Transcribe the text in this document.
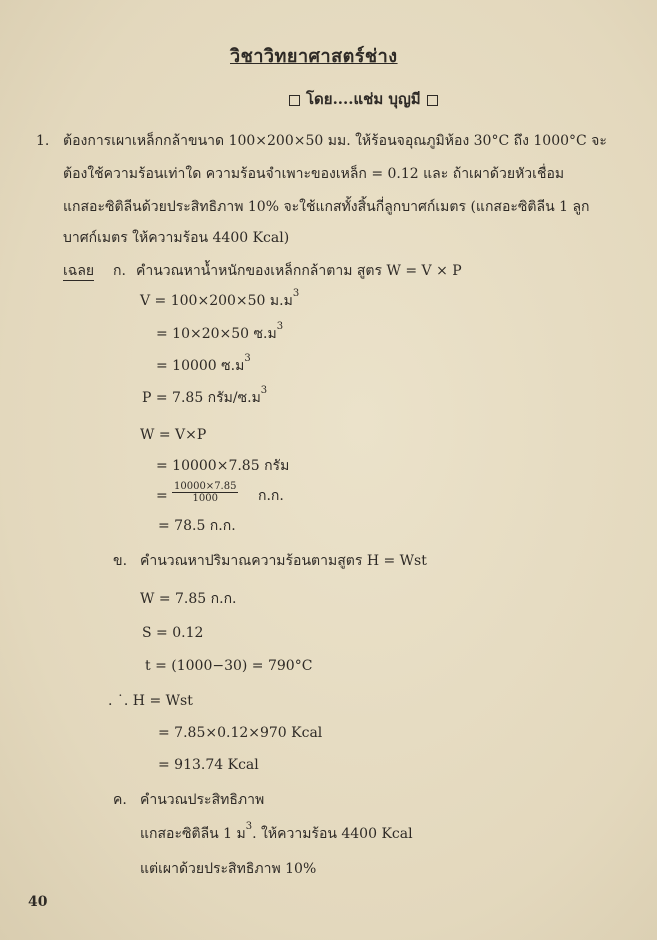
วิชาวิทยาศาสตร์ช่าง
โดย....แช่ม บุญมี
1. ต้องการเผาเหล็กกล้าขนาด 100×200×50 มม. ให้ร้อนจอุณภูมิห้อง 30°C ถึง 1000°C จะ
ต้องใช้ความร้อนเท่าใด ความร้อนจำเพาะของเหล็ก = 0.12 และ ถ้าเผาด้วยหัวเชื่อม
แกสอะซิติลีนด้วยประสิทธิภาพ 10% จะใช้แกสทั้งสิ้นกี่ลูกบาศก์เมตร (แกสอะซิติลีน 1 ลูก
บาศก์เมตร ให้ความร้อน 4400 Kcal)
เฉลย ก. คำนวณหาน้ำหนักของเหล็กกล้าตาม สูตร W = V × P
V = 100×200×50 ม.ม$^3$
= 10×20×50 ซ.ม$^3$
= 10000 ซ.ม$^3$
P = 7.85 กรัม/ซ.ม$^3$
W = V×P
= 10000×7.85 กรัม
= $\frac{10000\times 7.85}{1000}$ ก.ก.
= 78.5 ก.ก.
ข. คำนวณหาปริมาณความร้อนตามสูตร H = Wst
W = 7.85 ก.ก.
S = 0.12
t = (1000−30) = 790°C
. ˙. H = Wst
= 7.85×0.12×970 Kcal
= 913.74 Kcal
ค. คำนวณประสิทธิภาพ
แกสอะซิติลีน 1 ม$^3$. ให้ความร้อน 4400 Kcal
แต่เผาด้วยประสิทธิภาพ 10%
40
